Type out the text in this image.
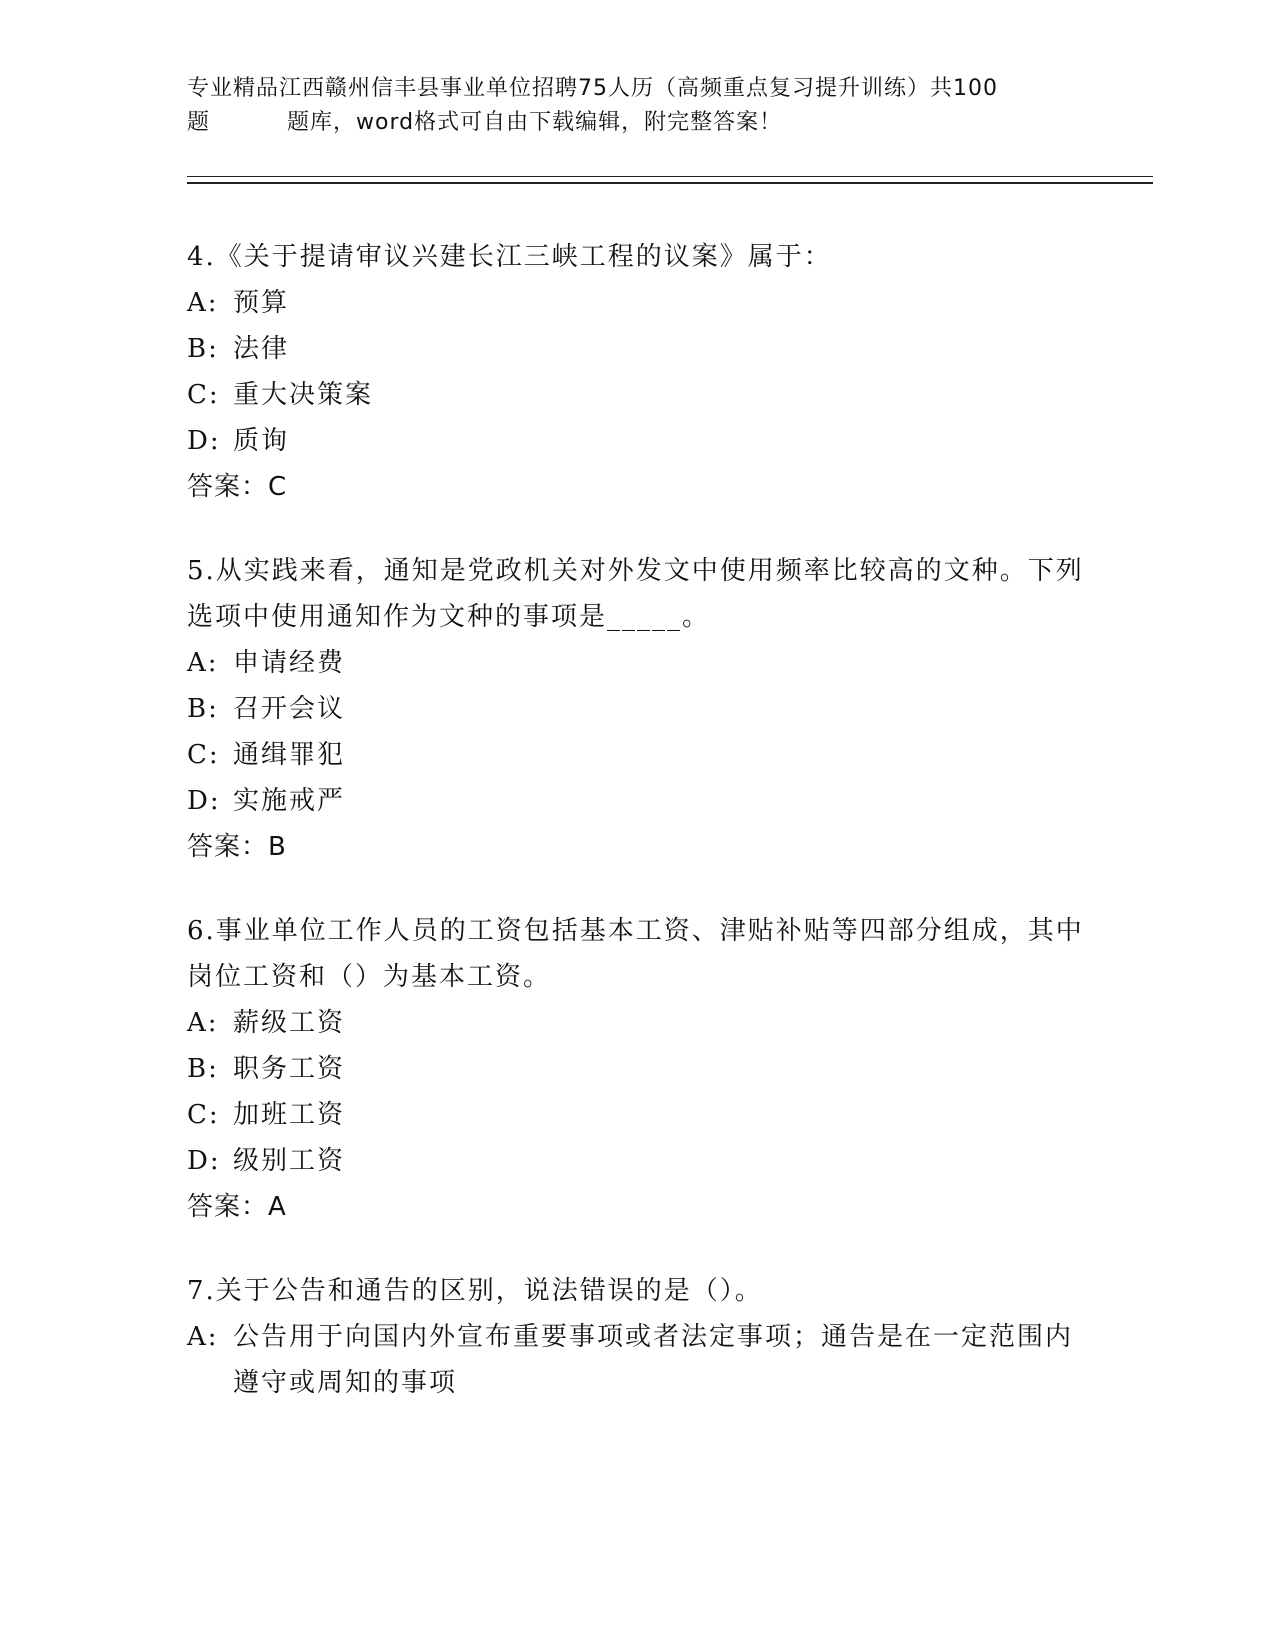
专业精品江西赣州信丰县事业单位招聘75人历（高频重点复习提升训练）共100
题	题库，word格式可自由下载编辑，附完整答案！
4.《关于提请审议兴建长江三峡工程的议案》属于：
A: 预算
B: 法律
C: 重大决策案
D: 质询
答案：C
5.从实践来看，通知是党政机关对外发文中使用频率比较高的文种。下列选项中使用通知作为文种的事项是_____。
A: 申请经费
B: 召开会议
C: 通缉罪犯
D: 实施戒严
答案：B
6.事业单位工作人员的工资包括基本工资、津贴补贴等四部分组成，其中岗位工资和（）为基本工资。
A: 薪级工资
B: 职务工资
C: 加班工资
D: 级别工资
答案：A
7.关于公告和通告的区别，说法错误的是（）。
A: 公告用于向国内外宣布重要事项或者法定事项；通告是在一定范围内遵守或周知的事项
